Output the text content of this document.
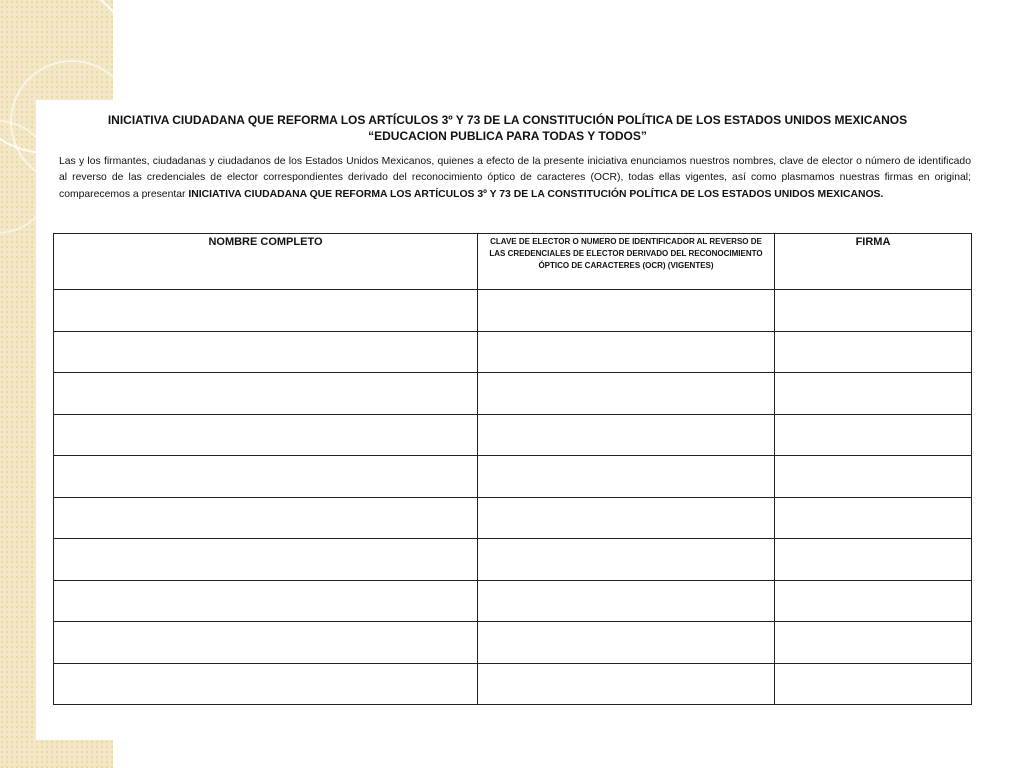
INICIATIVA CIUDADANA QUE REFORMA LOS ARTÍCULOS 3º Y 73 DE LA CONSTITUCIÓN POLÍTICA DE LOS ESTADOS UNIDOS MEXICANOS
“EDUCACION PUBLICA PARA TODAS Y TODOS”
Las y los firmantes, ciudadanas y ciudadanos de los Estados Unidos Mexicanos, quienes a efecto de la presente iniciativa enunciamos nuestros nombres, clave de elector o número de identificado al reverso de las credenciales de elector correspondientes derivado del reconocimiento óptico de caracteres (OCR), todas ellas vigentes, así como plasmamos nuestras firmas en original; comparecemos a presentar INICIATIVA CIUDADANA QUE REFORMA LOS ARTÍCULOS 3º Y 73 DE LA CONSTITUCIÓN POLÍTICA DE LOS ESTADOS UNIDOS MEXICANOS.
NOMBRE COMPLETO	CLAVE DE ELECTOR O NUMERO DE IDENTIFICADOR AL REVERSO DE LAS CREDENCIALES DE ELECTOR DERIVADO DEL RECONOCIMIENTO ÓPTICO DE CARACTERES (OCR) (VIGENTES)	FIRMA
